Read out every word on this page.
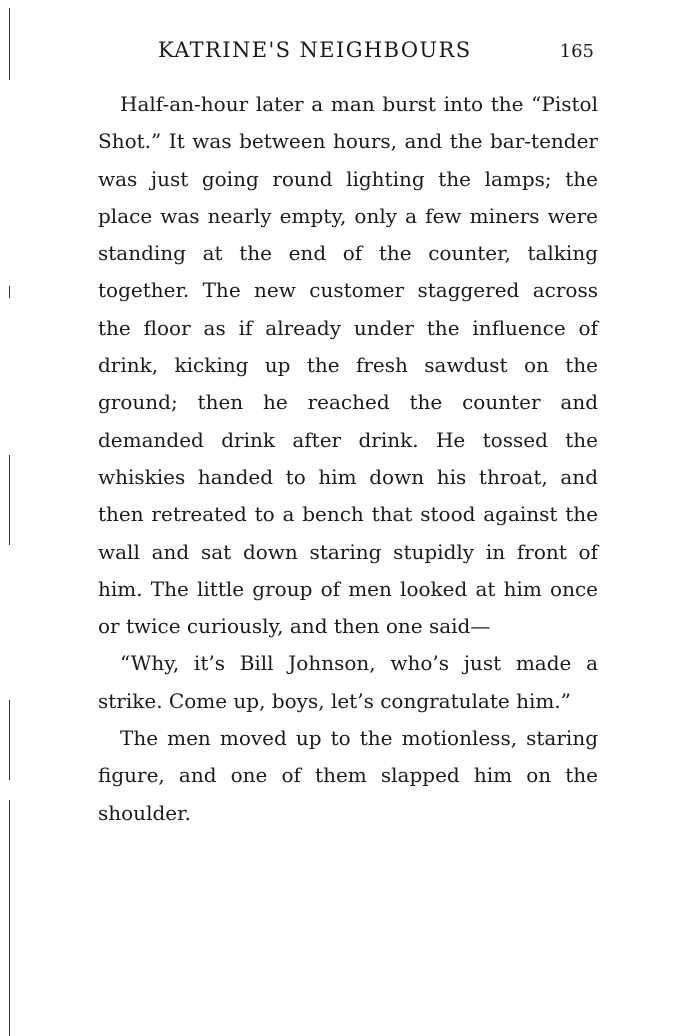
KATRINE'S NEIGHBOURS	165

Half-an-hour later a man burst into the “Pistol Shot.” It was between hours, and the bar-tender was just going round lighting the lamps; the place was nearly empty, only a few miners were standing at the end of the counter, talking together. The new customer staggered across the floor as if already under the influence of drink, kicking up the fresh sawdust on the ground; then he reached the counter and demanded drink after drink. He tossed the whiskies handed to him down his throat, and then retreated to a bench that stood against the wall and sat down staring stupidly in front of him. The little group of men looked at him once or twice curiously, and then one said—

“Why, it’s Bill Johnson, who’s just made a strike. Come up, boys, let’s congratulate him.”

The men moved up to the motionless, staring figure, and one of them slapped him on the shoulder.
